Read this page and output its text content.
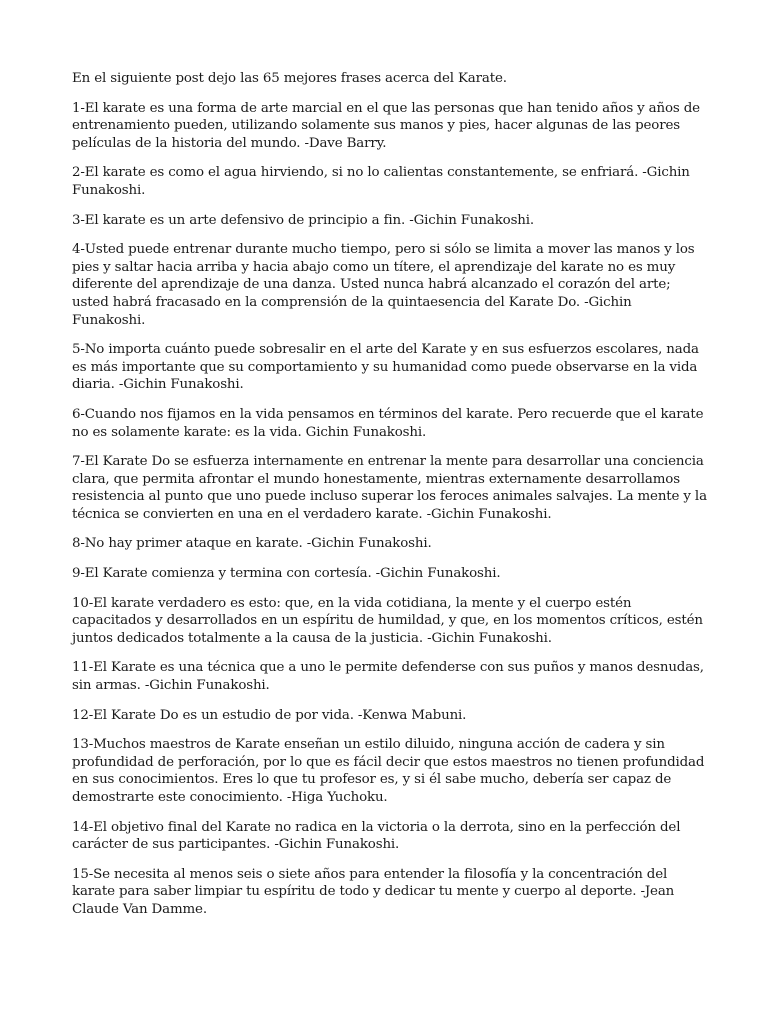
En el siguiente post dejo las 65 mejores frases acerca del Karate.

1-El karate es una forma de arte marcial en el que las personas que han tenido años y años de entrenamiento pueden, utilizando solamente sus manos y pies, hacer algunas de las peores películas de la historia del mundo. -Dave Barry.

2-El karate es como el agua hirviendo, si no lo calientas constantemente, se enfriará. -Gichin Funakoshi.

3-El karate es un arte defensivo de principio a fin. -Gichin Funakoshi.

4-Usted puede entrenar durante mucho tiempo, pero si sólo se limita a mover las manos y los pies y saltar hacia arriba y hacia abajo como un títere, el aprendizaje del karate no es muy diferente del aprendizaje de una danza. Usted nunca habrá alcanzado el corazón del arte; usted habrá fracasado en la comprensión de la quintaesencia del Karate Do. -Gichin Funakoshi.

5-No importa cuánto puede sobresalir en el arte del Karate y en sus esfuerzos escolares, nada es más importante que su comportamiento y su humanidad como puede observarse en la vida diaria. -Gichin Funakoshi.

6-Cuando nos fijamos en la vida pensamos en términos del karate. Pero recuerde que el karate no es solamente karate: es la vida. Gichin Funakoshi.

7-El Karate Do se esfuerza internamente en entrenar la mente para desarrollar una conciencia clara, que permita afrontar el mundo honestamente, mientras externamente desarrollamos resistencia al punto que uno puede incluso superar los feroces animales salvajes. La mente y la técnica se convierten en una en el verdadero karate. -Gichin Funakoshi.

8-No hay primer ataque en karate. -Gichin Funakoshi.

9-El Karate comienza y termina con cortesía. -Gichin Funakoshi.

10-El karate verdadero es esto: que, en la vida cotidiana, la mente y el cuerpo estén capacitados y desarrollados en un espíritu de humildad, y que, en los momentos críticos, estén juntos dedicados totalmente a la causa de la justicia. -Gichin Funakoshi.

11-El Karate es una técnica que a uno le permite defenderse con sus puños y manos desnudas, sin armas. -Gichin Funakoshi.

12-El Karate Do es un estudio de por vida. -Kenwa Mabuni.

13-Muchos maestros de Karate enseñan un estilo diluido, ninguna acción de cadera y sin profundidad de perforación, por lo que es fácil decir que estos maestros no tienen profundidad en sus conocimientos. Eres lo que tu profesor es, y si él sabe mucho, debería ser capaz de demostrarte este conocimiento. -Higa Yuchoku.

14-El objetivo final del Karate no radica en la victoria o la derrota, sino en la perfección del carácter de sus participantes. -Gichin Funakoshi.

15-Se necesita al menos seis o siete años para entender la filosofía y la concentración del karate para saber limpiar tu espíritu de todo y dedicar tu mente y cuerpo al deporte. -Jean Claude Van Damme.
